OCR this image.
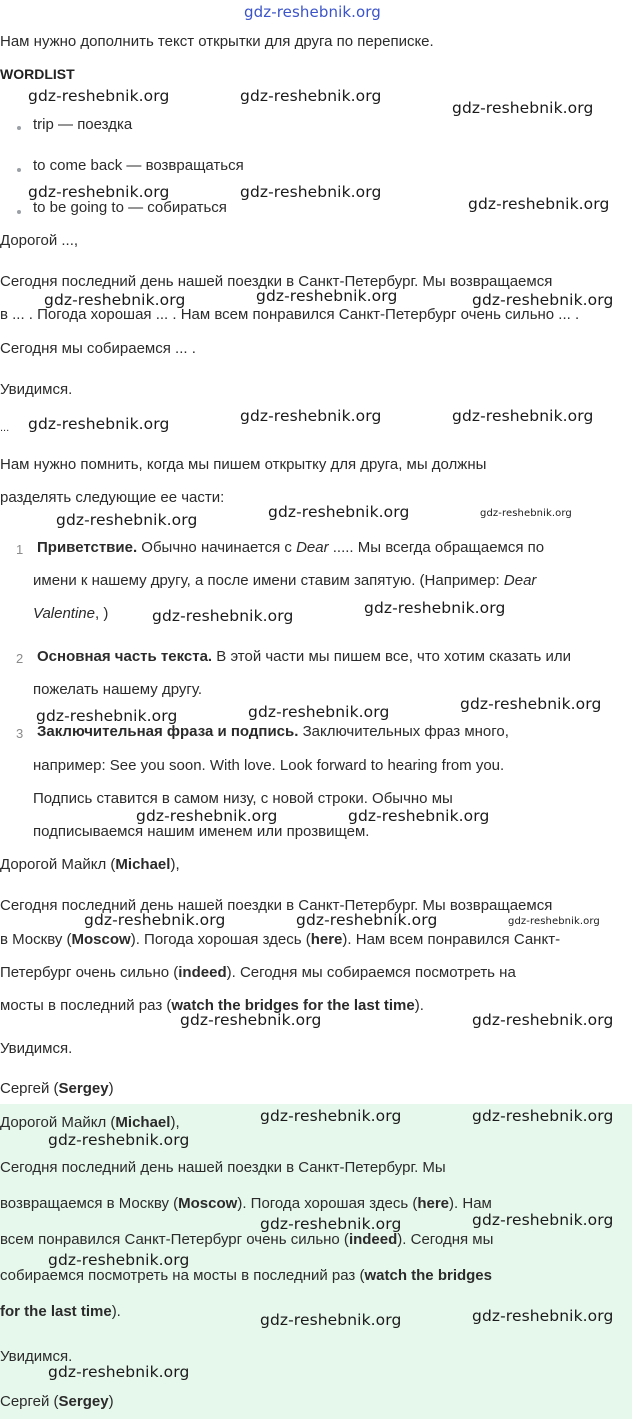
gdz-reshebnik.org
Нам нужно дополнить текст открытки для друга по переписке.
WORDLIST
trip — поездка
to come back — возвращаться
to be going to — собираться
Дорогой ...,
Сегодня последний день нашей поездки в Санкт-Петербург. Мы возвращаемся
в ... . Погода хорошая ... . Нам всем понравился Санкт-Петербург очень сильно ... .
Сегодня мы собираемся ... .
Увидимся.
...
Нам нужно помнить, когда мы пишем открытку для друга, мы должны
разделять следующие ее части:
1 Приветствие. Обычно начинается с Dear ..... Мы всегда обращаемся по
имени к нашему другу, а после имени ставим запятую. (Например: Dear
Valentine, )
2 Основная часть текста. В этой части мы пишем все, что хотим сказать или
пожелать нашему другу.
3 Заключительная фраза и подпись. Заключительных фраз много,
например: See you soon. With love. Look forward to hearing from you.
Подпись ставится в самом низу, с новой строки. Обычно мы
подписываемся нашим именем или прозвищем.
Дорогой Майкл (Michael),
Сегодня последний день нашей поездки в Санкт-Петербург. Мы возвращаемся
в Москву (Moscow). Погода хорошая здесь (here). Нам всем понравился Санкт-
Петербург очень сильно (indeed). Сегодня мы собираемся посмотреть на
мосты в последний раз (watch the bridges for the last time).
Увидимся.
Сергей (Sergey)
Дорогой Майкл (Michael),
Сегодня последний день нашей поездки в Санкт-Петербург. Мы
возвращаемся в Москву (Moscow). Погода хорошая здесь (here). Нам
всем понравился Санкт-Петербург очень сильно (indeed). Сегодня мы
собираемся посмотреть на мосты в последний раз (watch the bridges
for the last time).
Увидимся.
Сергей (Sergey)
gdz-reshebnik.org	gdz-reshebnik.org
gdz-reshebnik.org
gdz-reshebnik.org	gdz-reshebnik.org
gdz-reshebnik.org
gdz-reshebnik.org	gdz-reshebnik.org	gdz-reshebnik.org
gdz-reshebnik.org	gdz-reshebnik.org	gdz-reshebnik.org
gdz-reshebnik.org	gdz-reshebnik.org	gdz-reshebnik.org
gdz-reshebnik.org	gdz-reshebnik.org
gdz-reshebnik.org
gdz-reshebnik.org	gdz-reshebnik.org
gdz-reshebnik.org	gdz-reshebnik.org
gdz-reshebnik.org	gdz-reshebnik.org	gdz-reshebnik.org
gdz-reshebnik.org	gdz-reshebnik.org
gdz-reshebnik.org	gdz-reshebnik.org
gdz-reshebnik.org
gdz-reshebnik.org	gdz-reshebnik.org
gdz-reshebnik.org
gdz-reshebnik.org	gdz-reshebnik.org
gdz-reshebnik.org
